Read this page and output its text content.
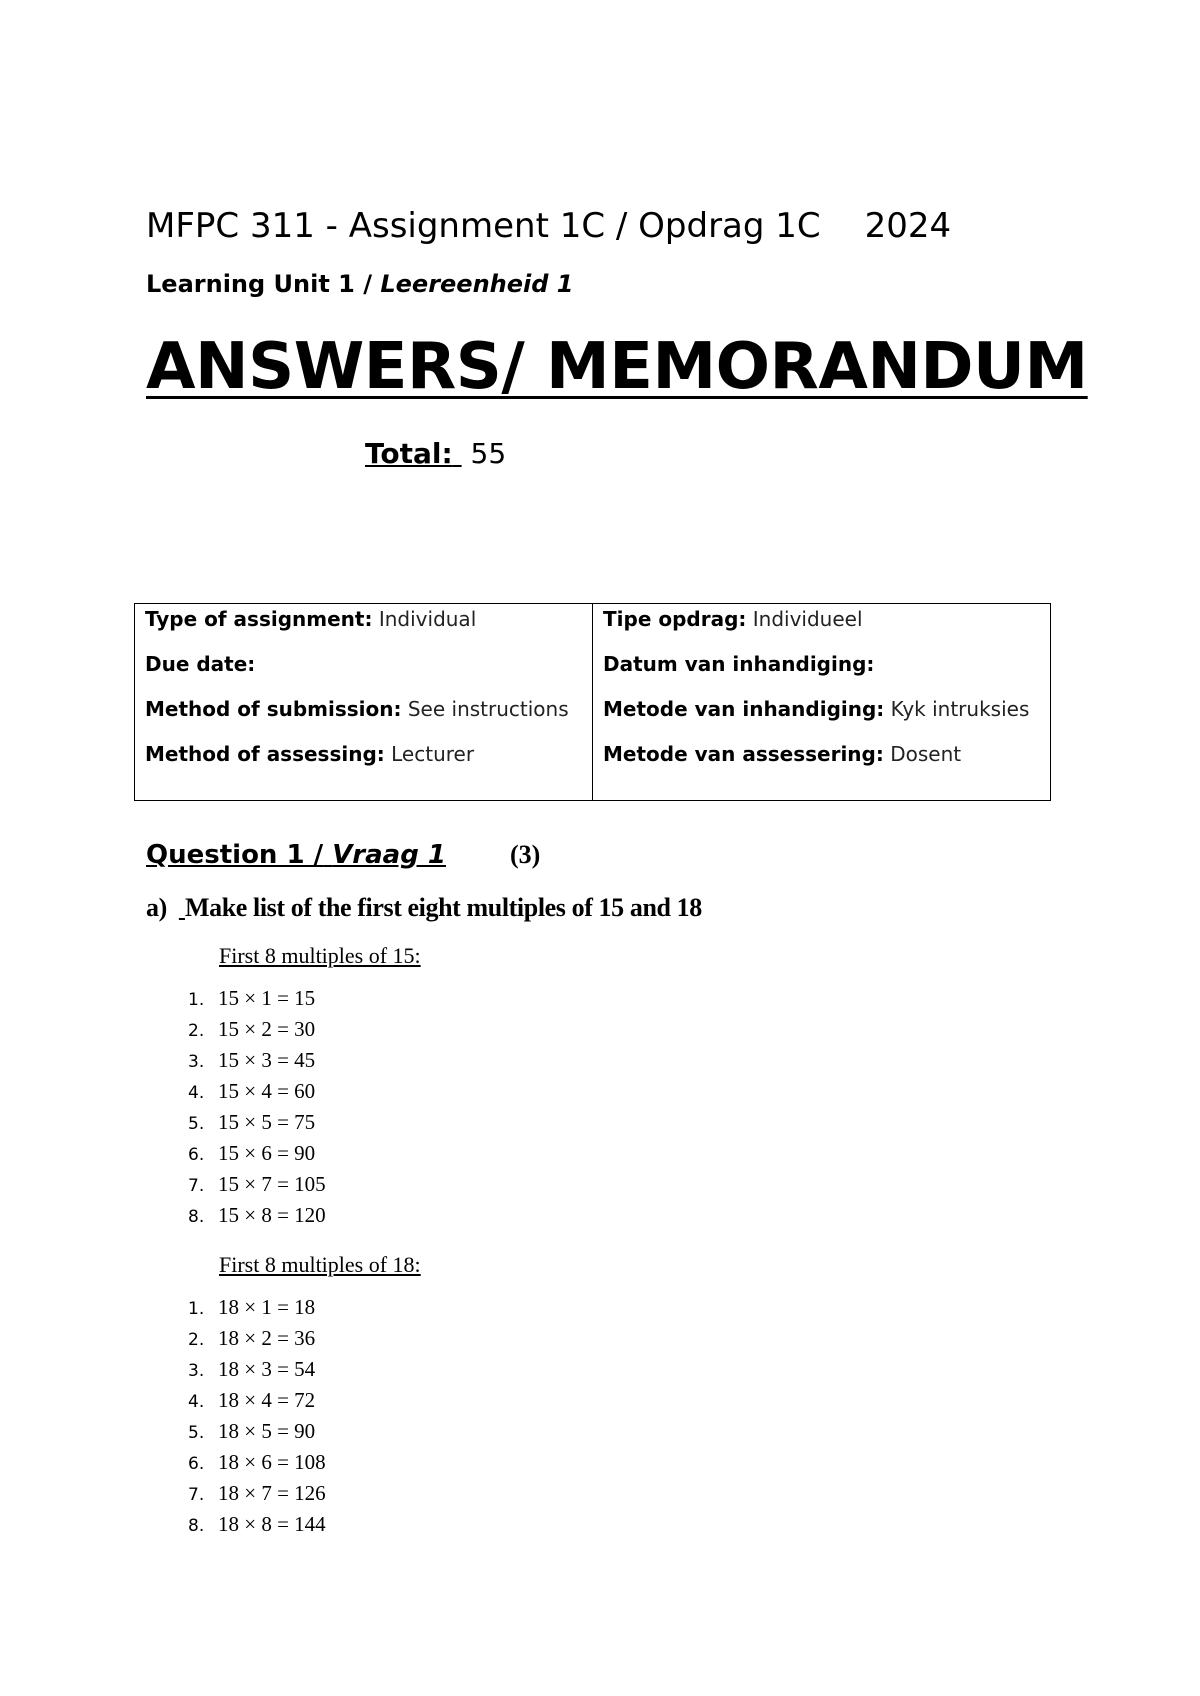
MFPC 311 - Assignment 1C / Opdrag 1C 2024
Learning Unit 1 / Leereenheid 1
ANSWERS/ MEMORANDUM
Total: 55
Type of assignment: Individual
Due date:
Method of submission: See instructions
Method of assessing: Lecturer

Tipe opdrag: Individueel
Datum van inhandiging:
Metode van inhandiging: Kyk intruksies
Metode van assessering: Dosent
Question 1 / Vraag 1 (3)
a) Make list of the first eight multiples of 15 and 18
First 8 multiples of 15:
1. 15 × 1 = 15
2. 15 × 2 = 30
3. 15 × 3 = 45
4. 15 × 4 = 60
5. 15 × 5 = 75
6. 15 × 6 = 90
7. 15 × 7 = 105
8. 15 × 8 = 120
First 8 multiples of 18:
1. 18 × 1 = 18
2. 18 × 2 = 36
3. 18 × 3 = 54
4. 18 × 4 = 72
5. 18 × 5 = 90
6. 18 × 6 = 108
7. 18 × 7 = 126
8. 18 × 8 = 144
